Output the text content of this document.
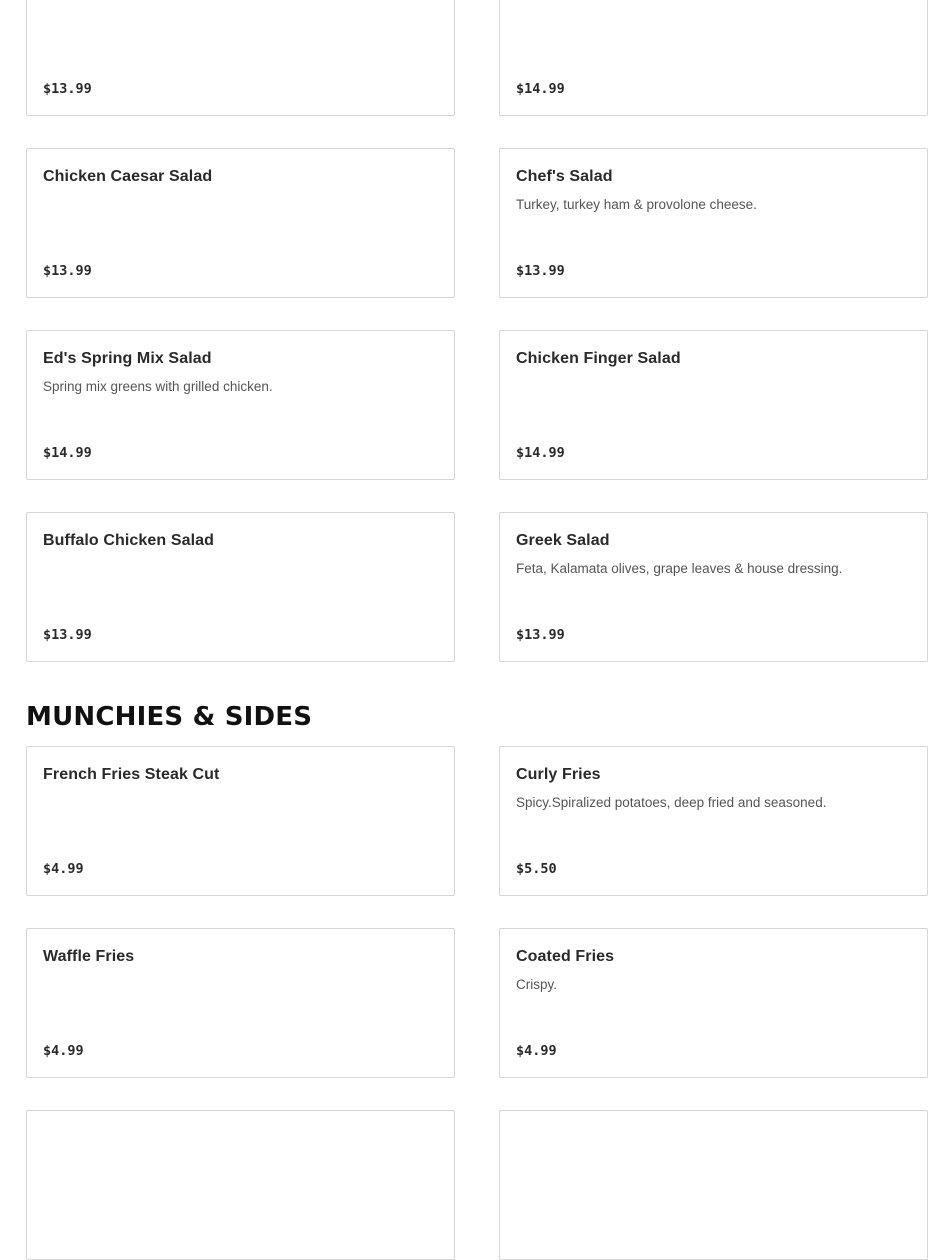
$13.99	$14.99
Chicken Caesar Salad
$13.99
Chef's Salad
Turkey, turkey ham & provolone cheese.
$13.99
Ed's Spring Mix Salad
Spring mix greens with grilled chicken.
$14.99
Chicken Finger Salad
$14.99
Buffalo Chicken Salad
$13.99
Greek Salad
Feta, Kalamata olives, grape leaves & house dressing.
$13.99
MUNCHIES & SIDES
French Fries Steak Cut
$4.99
Curly Fries
Spicy.Spiralized potatoes, deep fried and seasoned.
$5.50
Waffle Fries
$4.99
Coated Fries
Crispy.
$4.99
